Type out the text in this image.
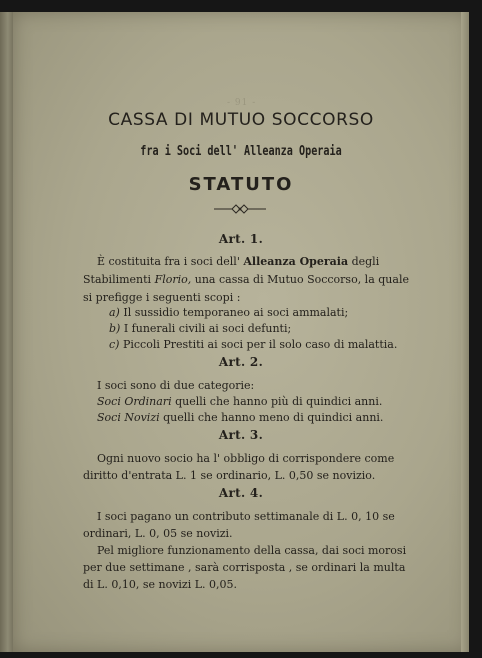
- 91 -
CASSA DI MUTUO SOCCORSO
fra i Soci dell' Alleanza Operaia
STATUTO
Art. 1.
È costituita fra i soci dell' Alleanza Operaia degli
Stabilimenti Florio, una cassa di Mutuo Soccorso, la quale
si prefigge i seguenti scopi :
a) Il sussidio temporaneo ai soci ammalati;
b) I funerali civili ai soci defunti;
c) Piccoli Prestiti ai soci per il solo caso di malattia.
Art. 2.
I soci sono di due categorie:
Soci Ordinari quelli che hanno più di quindici anni.
Soci Novizi quelli che hanno meno di quindici anni.
Art. 3.
Ogni nuovo socio ha l' obbligo di corrispondere come
diritto d'entrata L. 1 se ordinario, L. 0,50 se novizio.
Art. 4.
I soci pagano un contributo settimanale di L. 0, 10 se
ordinari, L. 0, 05 se novizi.
Pel migliore funzionamento della cassa, dai soci morosi
per due settimane , sarà corrisposta , se ordinari la multa
di L. 0,10, se novizi L. 0,05.
